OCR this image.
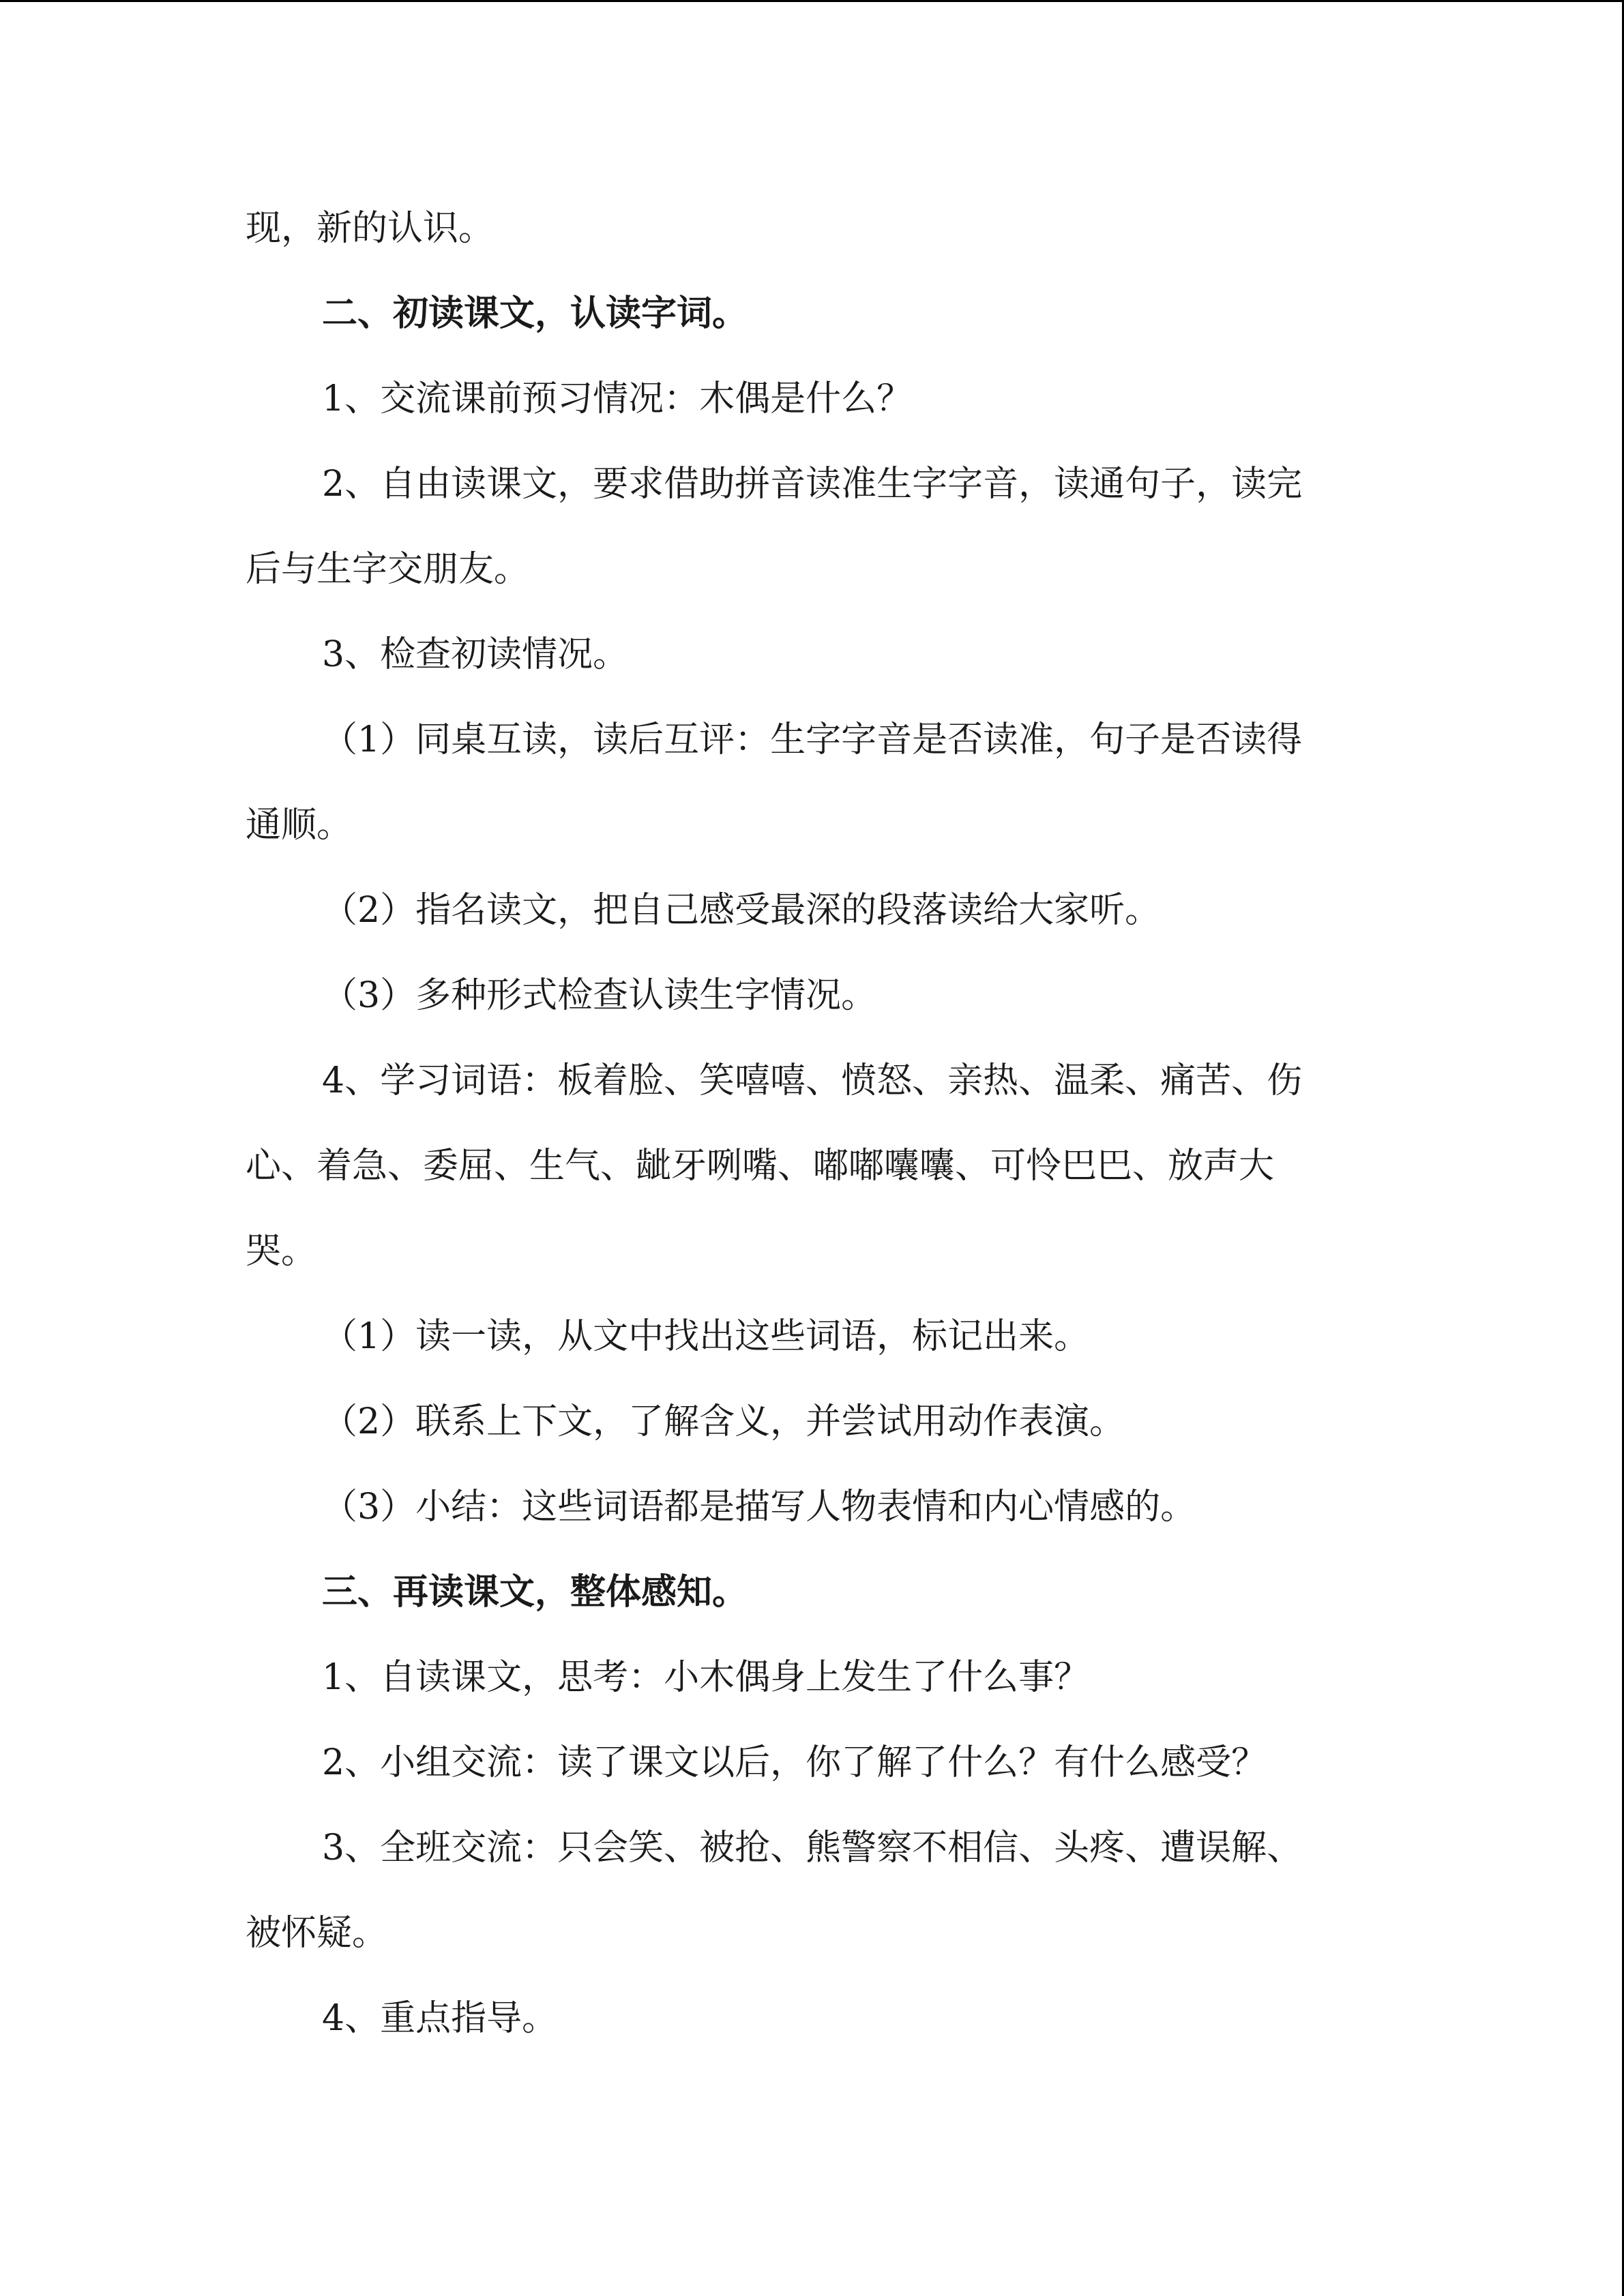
现，新的认识。
二、初读课文，认读字词。
1、交流课前预习情况：木偶是什么？
2、自由读课文，要求借助拼音读准生字字音，读通句子，读完
后与生字交朋友。
3、检查初读情况。
（1）同桌互读，读后互评：生字字音是否读准，句子是否读得
通顺。
（2）指名读文，把自己感受最深的段落读给大家听。
（3）多种形式检查认读生字情况。
4、学习词语：板着脸、笑嘻嘻、愤怒、亲热、温柔、痛苦、伤
心、着急、委屈、生气、龇牙咧嘴、嘟嘟囔囔、可怜巴巴、放声大
哭。
（1）读一读，从文中找出这些词语，标记出来。
（2）联系上下文，了解含义，并尝试用动作表演。
（3）小结：这些词语都是描写人物表情和内心情感的。
三、再读课文，整体感知。
1、自读课文，思考：小木偶身上发生了什么事？
2、小组交流：读了课文以后，你了解了什么？有什么感受？
3、全班交流：只会笑、被抢、熊警察不相信、头疼、遭误解、
被怀疑。
4、重点指导。
